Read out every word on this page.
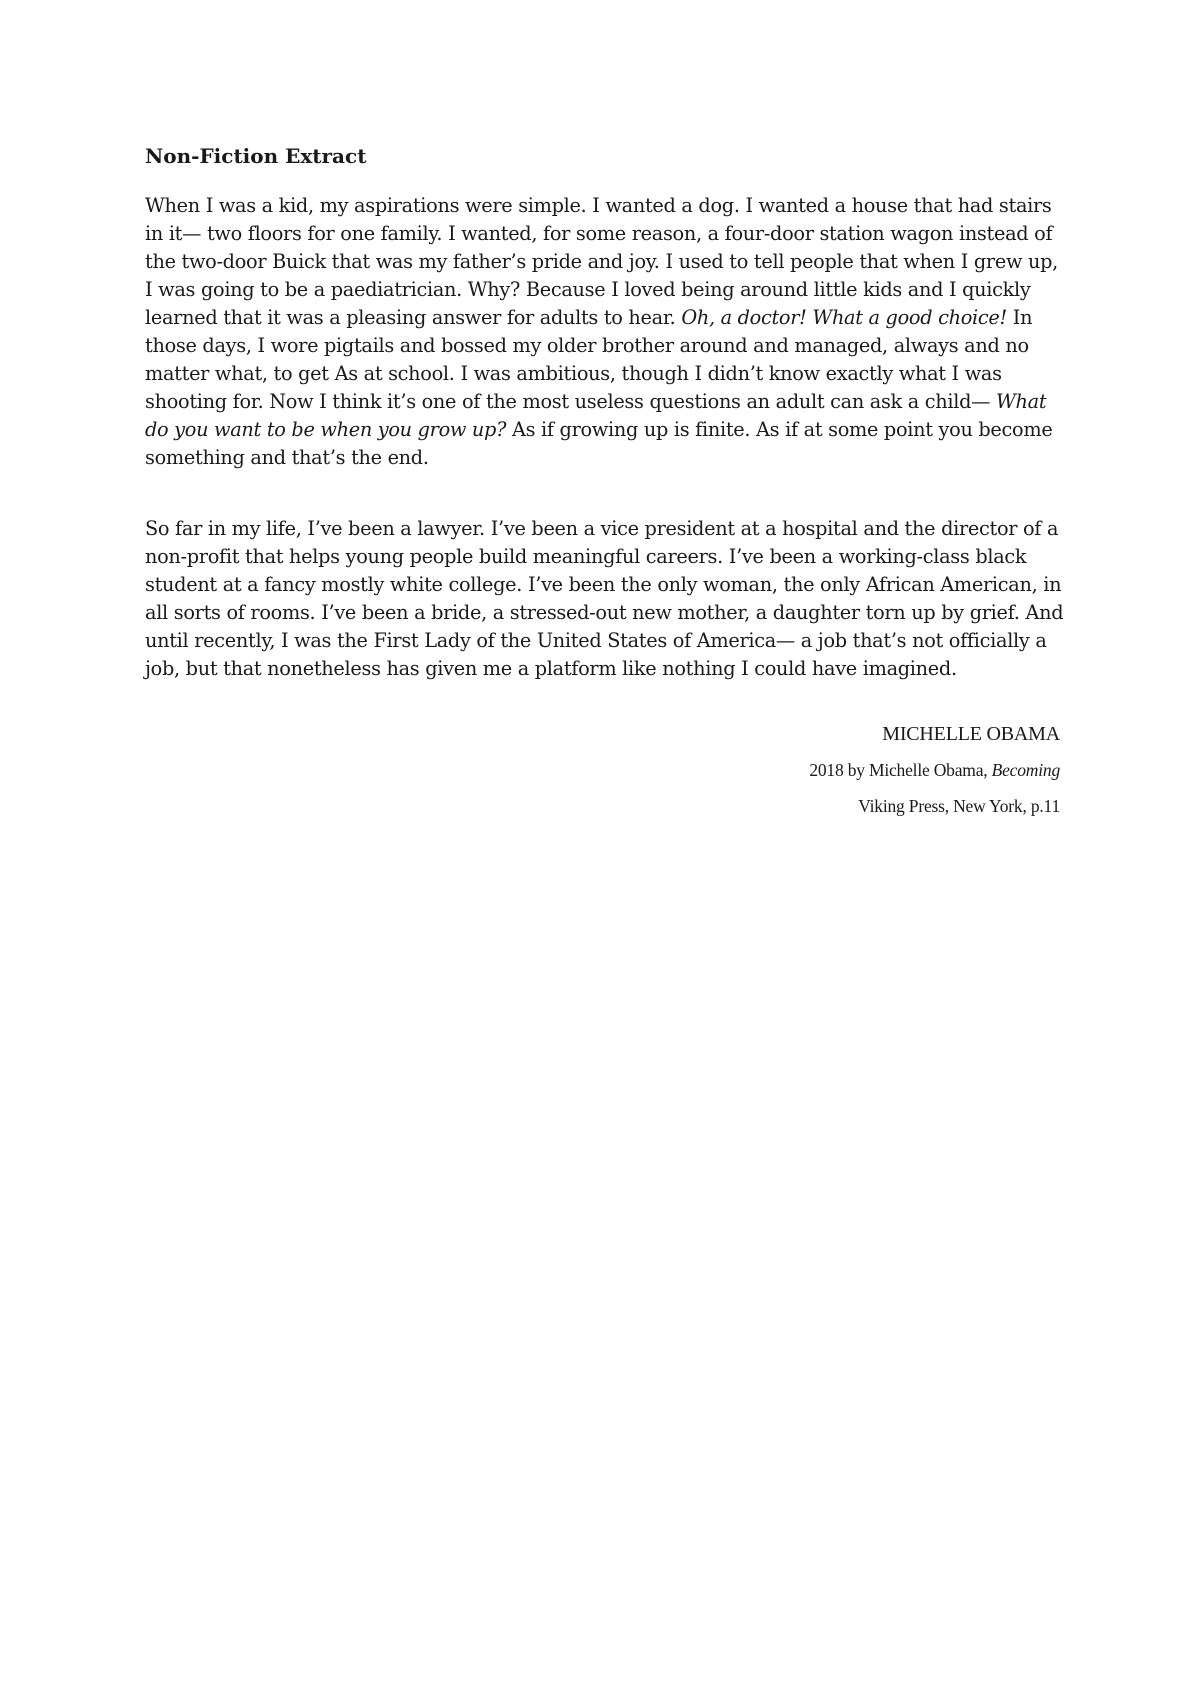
Non-Fiction Extract

When I was a kid, my aspirations were simple. I wanted a dog. I wanted a house that had stairs in it— two floors for one family. I wanted, for some reason, a four-door station wagon instead of the two-door Buick that was my father’s pride and joy. I used to tell people that when I grew up, I was going to be a paediatrician. Why? Because I loved being around little kids and I quickly learned that it was a pleasing answer for adults to hear. Oh, a doctor! What a good choice! In those days, I wore pigtails and bossed my older brother around and managed, always and no matter what, to get As at school. I was ambitious, though I didn’t know exactly what I was shooting for. Now I think it’s one of the most useless questions an adult can ask a child— What do you want to be when you grow up? As if growing up is finite. As if at some point you become something and that’s the end.

So far in my life, I’ve been a lawyer. I’ve been a vice president at a hospital and the director of a non-profit that helps young people build meaningful careers. I’ve been a working-class black student at a fancy mostly white college. I’ve been the only woman, the only African American, in all sorts of rooms. I’ve been a bride, a stressed-out new mother, a daughter torn up by grief. And until recently, I was the First Lady of the United States of America— a job that’s not officially a job, but that nonetheless has given me a platform like nothing I could have imagined.

MICHELLE OBAMA

2018 by Michelle Obama, Becoming

Viking Press, New York, p.11
